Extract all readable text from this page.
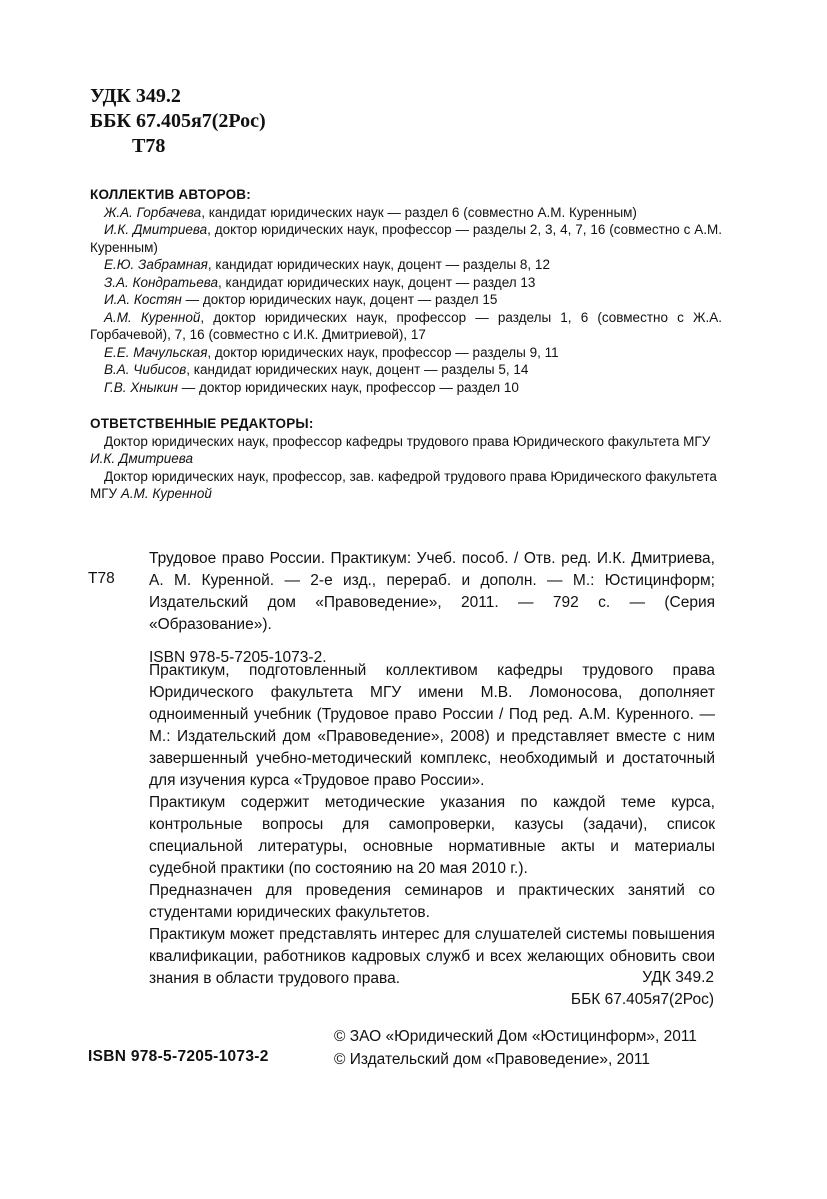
УДК 349.2
ББК 67.405я7(2Рос)
Т78
КОЛЛЕКТИВ АВТОРОВ:
Ж.А. Горбачева, кандидат юридических наук — раздел 6 (совместно А.М. Куренным)
И.К. Дмитриева, доктор юридических наук, профессор — разделы 2, 3, 4, 7, 16 (совместно с А.М. Куренным)
Е.Ю. Забрамная, кандидат юридических наук, доцент — разделы 8, 12
З.А. Кондратьева, кандидат юридических наук, доцент — раздел 13
И.А. Костян — доктор юридических наук, доцент — раздел 15
А.М. Куренной, доктор юридических наук, профессор — разделы 1, 6 (совместно с Ж.А. Горбачевой), 7, 16 (совместно с И.К. Дмитриевой), 17
Е.Е. Мачульская, доктор юридических наук, профессор — разделы 9, 11
В.А. Чибисов, кандидат юридических наук, доцент — разделы 5, 14
Г.В. Хныкин — доктор юридических наук, профессор — раздел 10
ОТВЕТСТВЕННЫЕ РЕДАКТОРЫ:
Доктор юридических наук, профессор кафедры трудового права Юридического факультета МГУ И.К. Дмитриева
Доктор юридических наук, профессор, зав. кафедрой трудового права Юридического факультета МГУ А.М. Куренной
Т78

Трудовое право России. Практикум: Учеб. пособ. / Отв. ред. И.К. Дмитриева, А. М. Куренной. — 2-е изд., перераб. и дополн. — М.: Юстицинформ; Издательский дом «Правоведение», 2011. — 792 с. — (Серия «Образование»).

ISBN 978-5-7205-1073-2.

Практикум, подготовленный коллективом кафедры трудового права Юридического факультета МГУ имени М.В. Ломоносова, дополняет одноименный учебник (Трудовое право России / Под ред. А.М. Куренного. — М.: Издательский дом «Правоведение», 2008) и представляет вместе с ним завершенный учебно-методический комплекс, необходимый и достаточный для изучения курса «Трудовое право России».

Практикум содержит методические указания по каждой теме курса, контрольные вопросы для самопроверки, казусы (задачи), список специальной литературы, основные нормативные акты и материалы судебной практики (по состоянию на 20 мая 2010 г.).

Предназначен для проведения семинаров и практических занятий со студентами юридических факультетов.

Практикум может представлять интерес для слушателей системы повышения квалификации, работников кадровых служб и всех желающих обновить свои знания в области трудового права.	УДК 349.2
ББК 67.405я7(2Рос)
ISBN 978-5-7205-1073-2
© ЗАО «Юридический Дом «Юстицинформ», 2011
© Издательский дом «Правоведение», 2011
